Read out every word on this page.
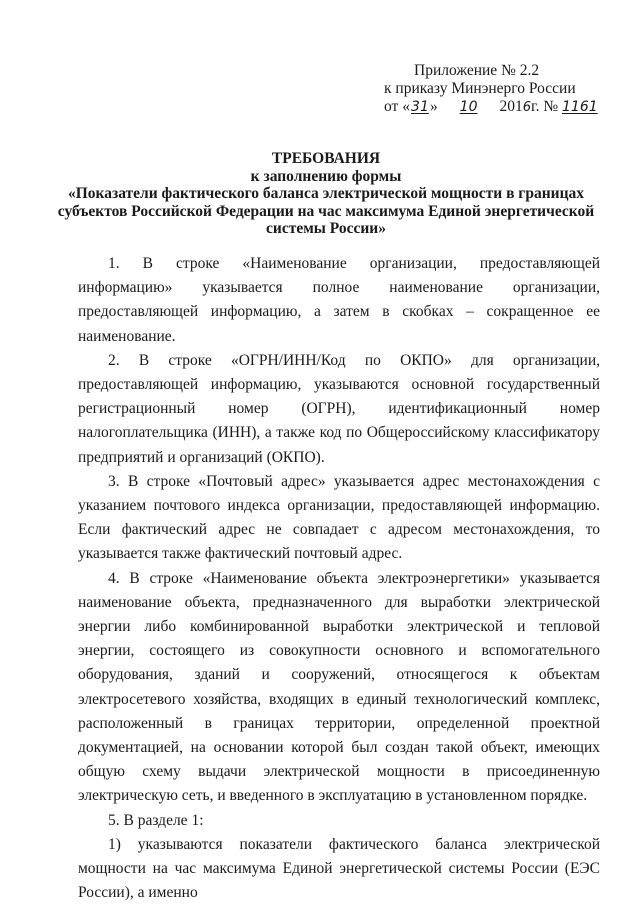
Приложение № 2.2
к приказу Минэнерго России
от «31» 10 2016г. № 1161
ТРЕБОВАНИЯ
к заполнению формы
«Показатели фактического баланса электрической мощности в границах субъектов Российской Федерации на час максимума Единой энергетической системы России»

1. В строке «Наименование организации, предоставляющей информацию» указывается полное наименование организации, предоставляющей информацию, а затем в скобках – сокращенное ее наименование.

2. В строке «ОГРН/ИНН/Код по ОКПО» для организации, предоставляющей информацию, указываются основной государственный регистрационный номер (ОГРН), идентификационный номер налогоплательщика (ИНН), а также код по Общероссийскому классификатору предприятий и организаций (ОКПО).

3. В строке «Почтовый адрес» указывается адрес местонахождения с указанием почтового индекса организации, предоставляющей информацию. Если фактический адрес не совпадает с адресом местонахождения, то указывается также фактический почтовый адрес.

4. В строке «Наименование объекта электроэнергетики» указывается наименование объекта, предназначенного для выработки электрической энергии либо комбинированной выработки электрической и тепловой энергии, состоящего из совокупности основного и вспомогательного оборудования, зданий и сооружений, относящегося к объектам электросетевого хозяйства, входящих в единый технологический комплекс, расположенный в границах территории, определенной проектной документацией, на основании которой был создан такой объект, имеющих общую схему выдачи электрической мощности в присоединенную электрическую сеть, и введенного в эксплуатацию в установленном порядке.

5. В разделе 1:

1) указываются показатели фактического баланса электрической мощности на час максимума Единой энергетической системы России (ЕЭС России), а именно
